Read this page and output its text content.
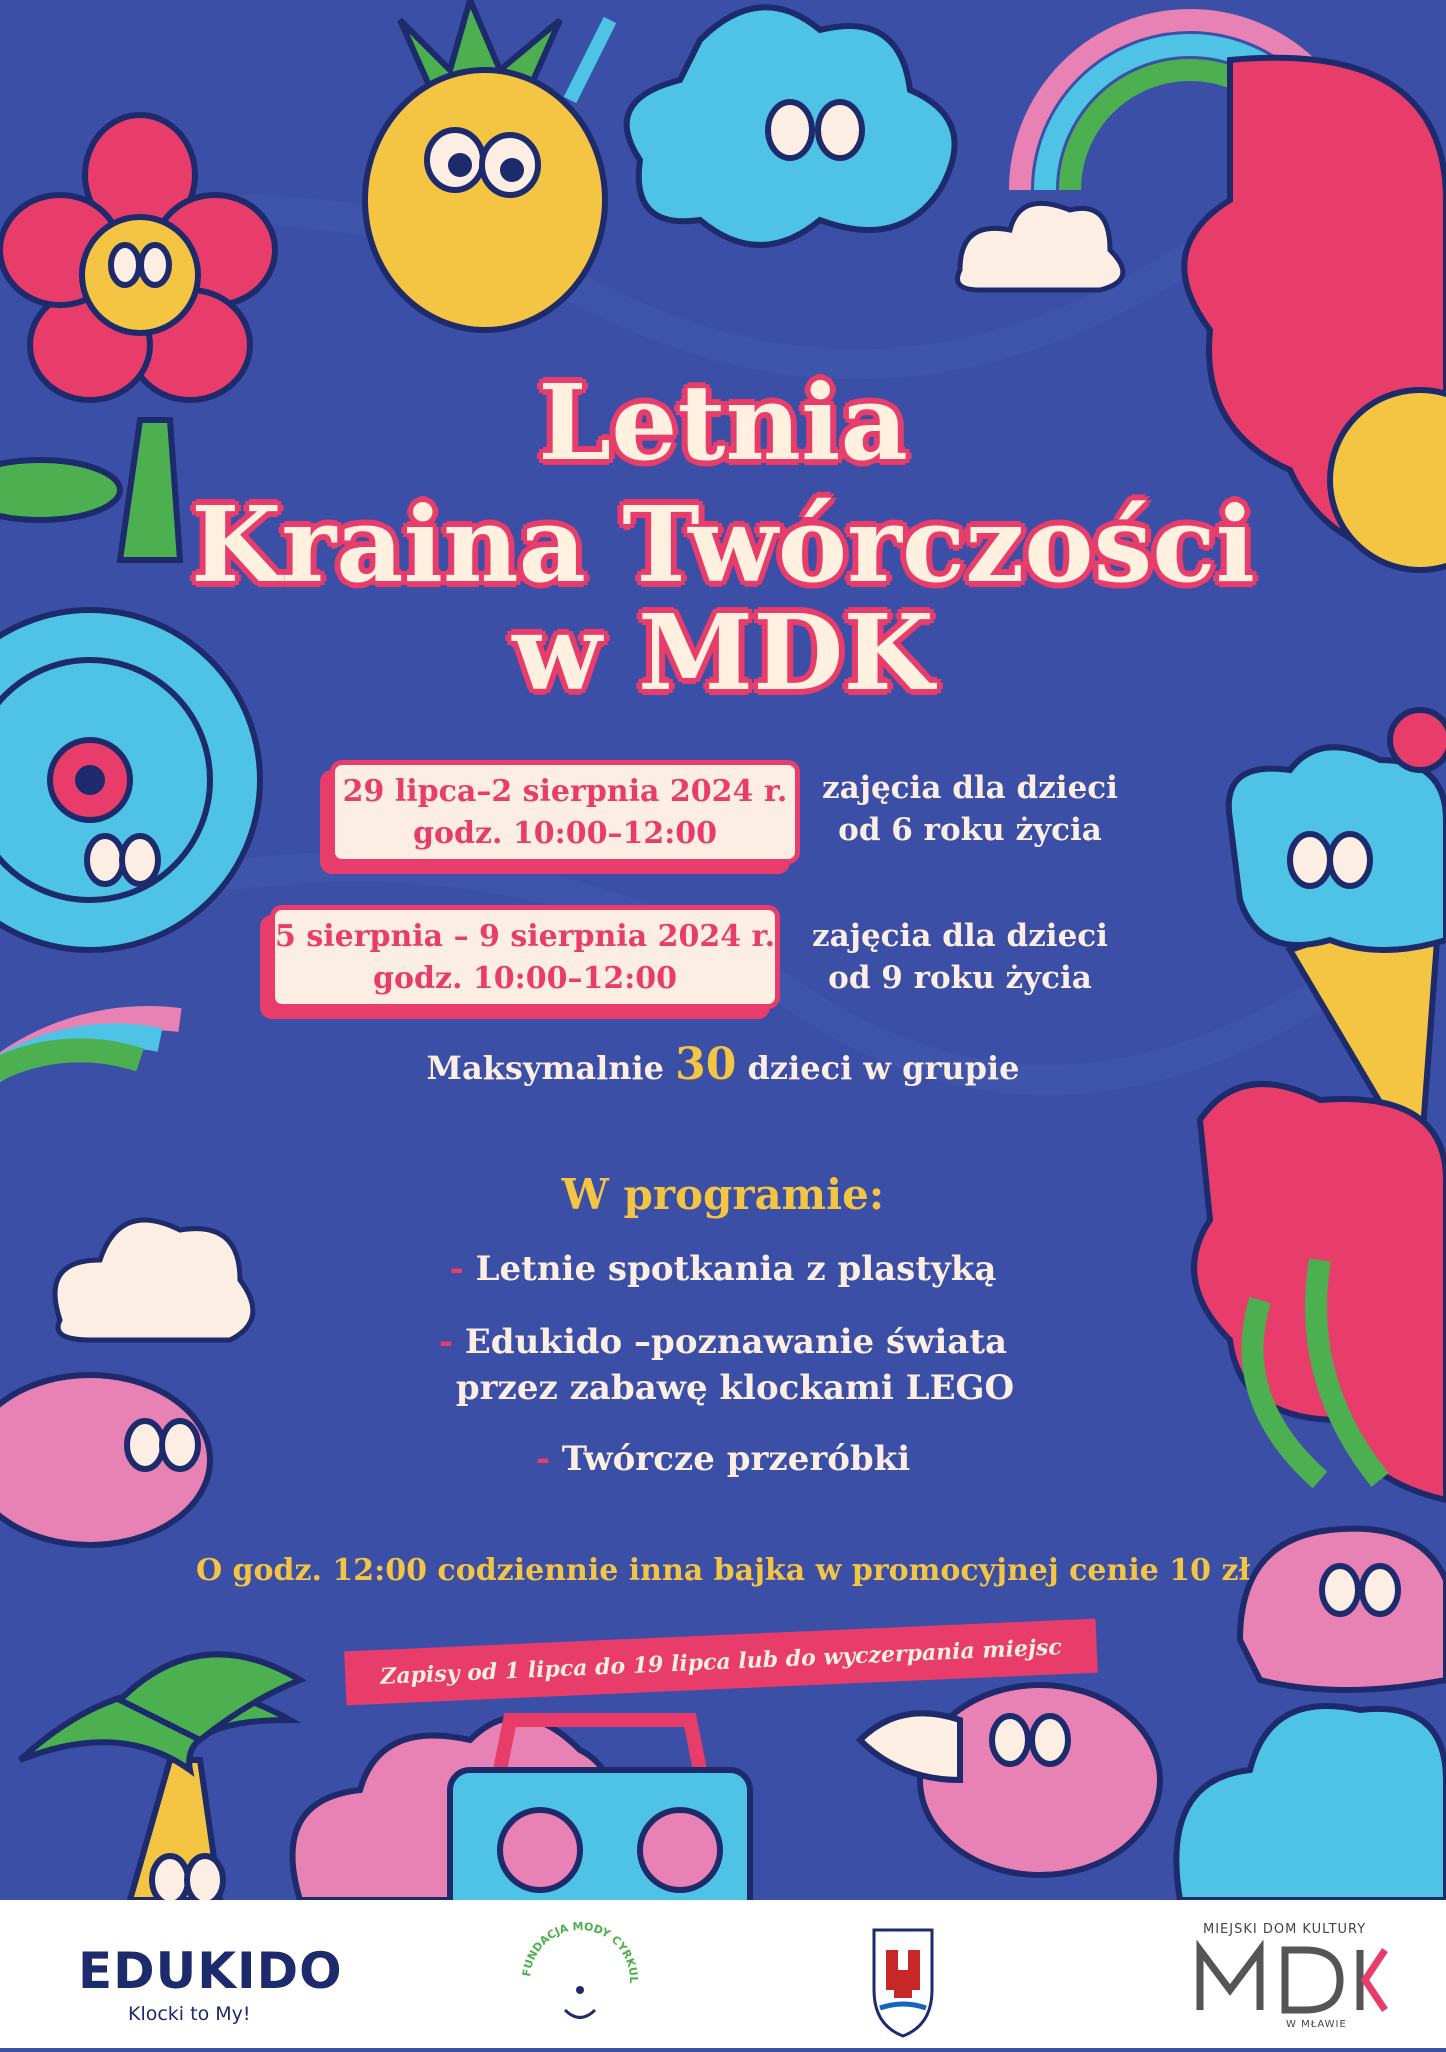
Letnia
Kraina Twórczości
w MDK
29 lipca–2 sierpnia 2024 r.
godz. 10:00–12:00
zajęcia dla dzieci
od 6 roku życia
5 sierpnia – 9 sierpnia 2024 r.
godz. 10:00–12:00
zajęcia dla dzieci
od 9 roku życia
Maksymalnie 30 dzieci w grupie
W programie:
- Letnie spotkania z plastyką
- Edukido –poznawanie świata
przez zabawę klockami LEGO
- Twórcze przeróbki
O godz. 12:00 codziennie inna bajka w promocyjnej cenie 10 zł
Zapisy od 1 lipca do 19 lipca lub do wyczerpania miejsc
EDUKIDO
Klocki to My!
FUNDACJA MODY CYRKUL
MIEJSKI DOM KULTURY
W MŁAWIE
